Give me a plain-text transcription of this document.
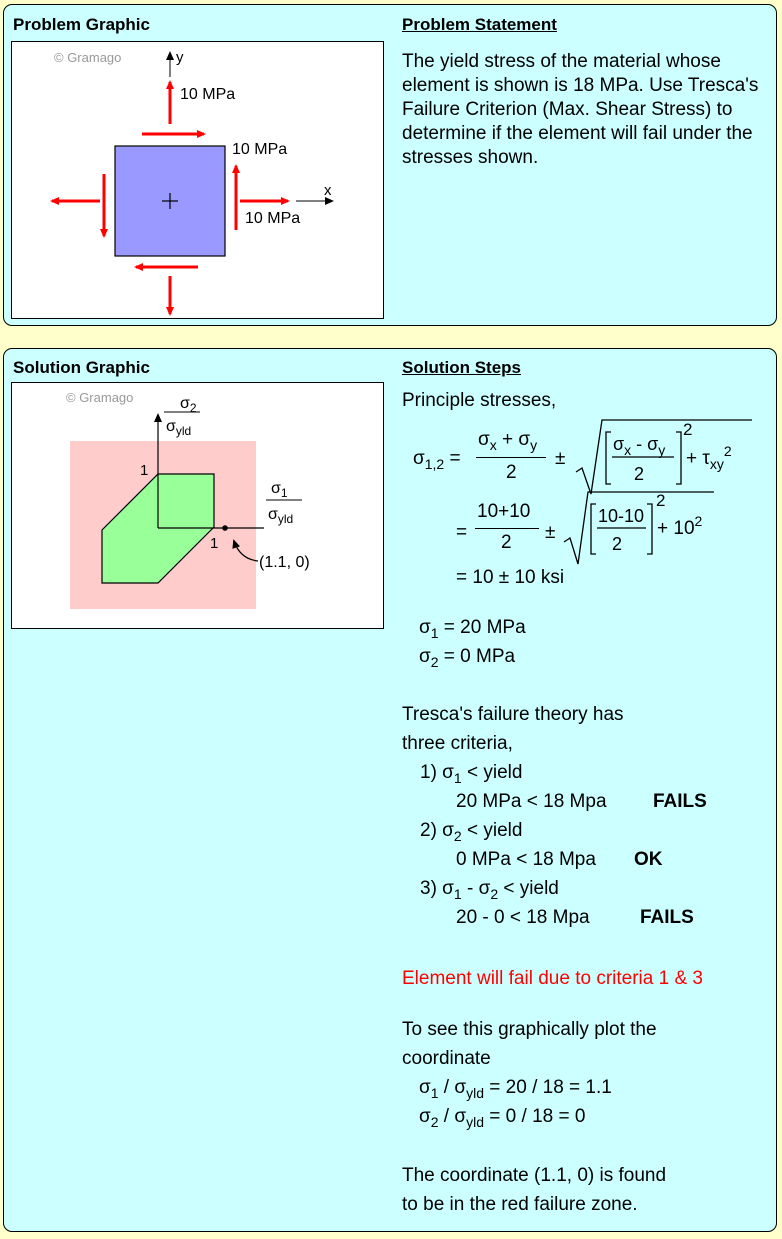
Problem Graphic	Problem Statement
© Gramago	y
x
10 MPa
10 MPa
10 MPa
The yield stress of the material whose element is shown is 18 MPa. Use Tresca's Failure Criterion (Max. Shear Stress) to determine if the element will fail under the stresses shown.
Solution Graphic	Solution Steps
© Gramago	$\sigma_2$
$\sigma_{yld}$
$\sigma_1$
$\sigma_{yld}$
1
1
(1.1, 0)
Principle stresses,
$\sigma_{1,2}$ =
$\sigma_x + \sigma_y$
2
±
$\sigma_x - \sigma_y$
2
2
+ $\tau_{xy}^2$
=
10+10
2 ±
10-10
2
2
+ $10^2$
= 10 ± 10 ksi
$\sigma_1 = 20$ MPa
$\sigma_2 = 0$ MPa
Tresca's failure theory has
three criteria,
1) $\sigma_1$ < yield
20 MPa < 18 Mpa FAILS
2) $\sigma_2$ < yield
0 MPa < 18 Mpa OK
3) $\sigma_1 - \sigma_2$ < yield
20 - 0 < 18 Mpa	FAILS
Element will fail due to criteria 1 & 3
To see this graphically plot the
coordinate
$\sigma_1 / \sigma_{yld} = 20 / 18 = 1.1$
$\sigma_2 / \sigma_{yld} = 0 / 18 = 0$
The coordinate (1.1, 0) is found
to be in the red failure zone.
